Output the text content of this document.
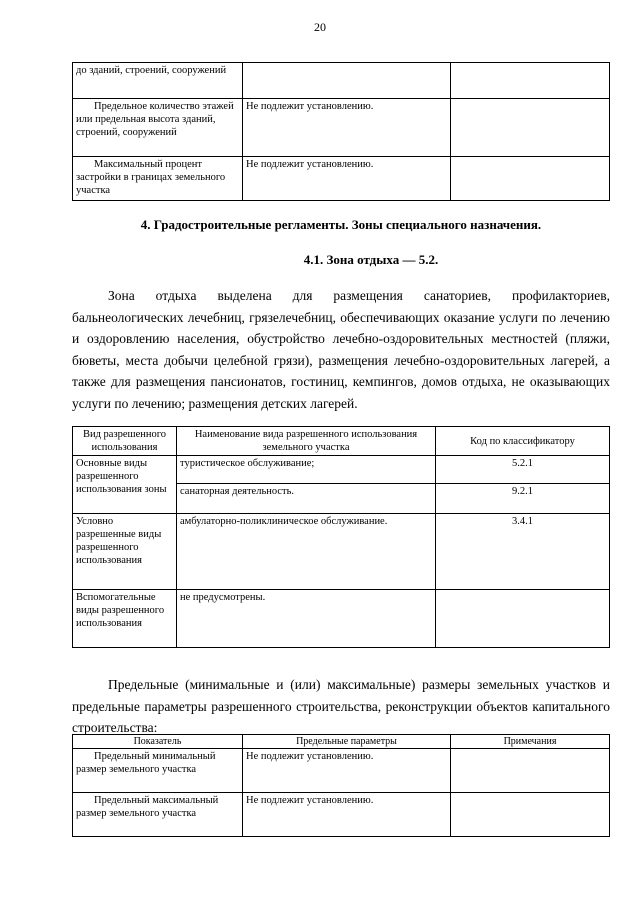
20
до зданий, строений, сооружений		
Предельное количество этажей или предельная высота зданий, строений, сооружений	Не подлежит установлению.	
Максимальный процент застройки в границах земельного участка	Не подлежит установлению.	
4. Градостроительные регламенты. Зоны специального назначения.
4.1. Зона отдыха — 5.2.

Зона отдыха выделена для размещения санаториев, профилакториев, бальнеологических лечебниц, грязелечебниц, обеспечивающих оказание услуги по лечению и оздоровлению населения, обустройство лечебно-оздоровительных местностей (пляжи, бюветы, места добычи целебной грязи), размещения лечебно-оздоровительных лагерей, а также для размещения пансионатов, гостиниц, кемпингов, домов отдыха, не оказывающих услуги по лечению; размещения детских лагерей.

Вид разрешенного использования	Наименование вида разрешенного использования земельного участка	Код по классификатору
Основные виды разрешенного использования зоны	туристическое обслуживание;	5.2.1
	санаторная деятельность.	9.2.1
Условно разрешенные виды разрешенного использования	амбулаторно-поликлиническое обслуживание.	3.4.1
Вспомогательные виды разрешенного использования	не предусмотрены.	

Предельные (минимальные и (или) максимальные) размеры земельных участков и предельные параметры разрешенного строительства, реконструкции объектов капитального строительства:

Показатель	Предельные параметры	Примечания
Предельный минимальный размер земельного участка	Не подлежит установлению.	
Предельный максимальный размер земельного участка	Не подлежит установлению.	
